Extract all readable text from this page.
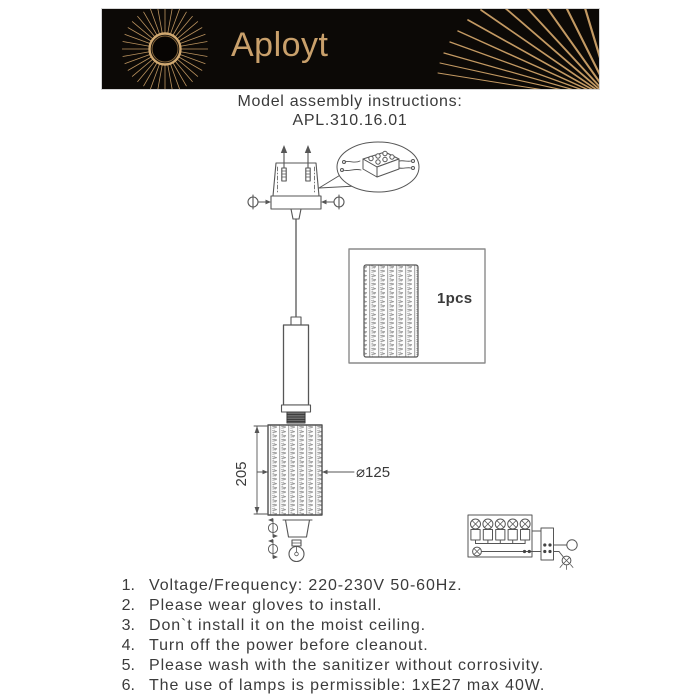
Aployt
Model assembly instructions:
APL.310.16.01
205	⌀125
1pcs
1. Voltage/Frequency: 220-230V 50-60Hz.
2. Please wear gloves to install.
3. Don`t install it on the moist ceiling.
4. Turn off the power before cleanout.
5. Please wash with the sanitizer without corrosivity.
6. The use of lamps is permissible: 1xE27 max 40W.
